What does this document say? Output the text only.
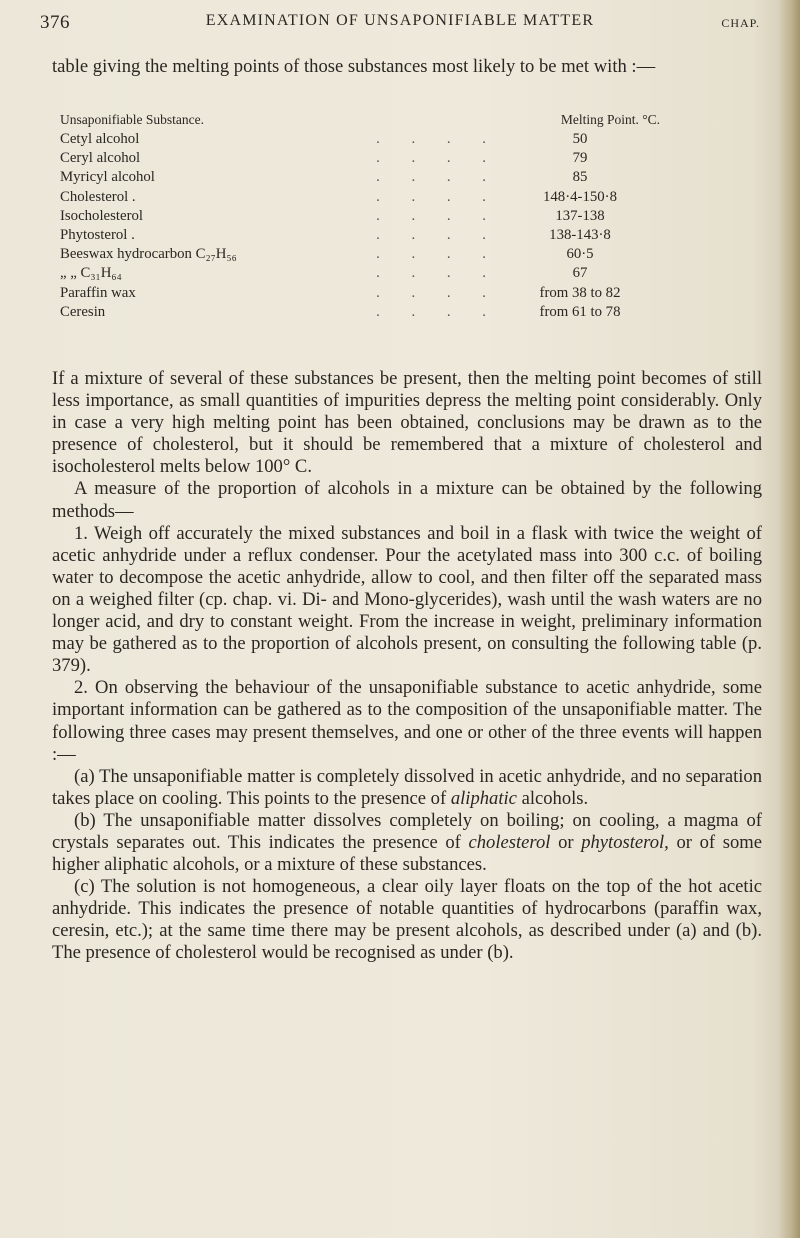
376	EXAMINATION OF UNSAPONIFIABLE MATTER	CHAP.

table giving the melting points of those substances most likely to be met with :—

Unsaponifiable Substance.	Melting Point. °C.
Cetyl alcohol	. . . .	50
Ceryl alcohol	. . . .	79
Myricyl alcohol	. . . .	85
Cholesterol .	. . . .	148·4-150·8
Isocholesterol	. . . .	137-138
Phytosterol .	. . . .	138-143·8
Beeswax hydrocarbon C₂₇H₅₆	. . . .	60·5
„ „ C₃₁H₆₄	. . . .	67
Paraffin wax	. . . .	from 38 to 82
Ceresin	. . . .	from 61 to 78

If a mixture of several of these substances be present, then the melting point becomes of still less importance, as small quantities of impurities depress the melting point considerably. Only in case a very high melting point has been obtained, conclusions may be drawn as to the presence of cholesterol, but it should be remembered that a mixture of cholesterol and isocholesterol melts below 100° C.

A measure of the proportion of alcohols in a mixture can be obtained by the following methods—

1. Weigh off accurately the mixed substances and boil in a flask with twice the weight of acetic anhydride under a reflux condenser. Pour the acetylated mass into 300 c.c. of boiling water to decompose the acetic anhydride, allow to cool, and then filter off the separated mass on a weighed filter (cp. chap. vi. Di- and Mono-glycerides), wash until the wash waters are no longer acid, and dry to constant weight. From the increase in weight, preliminary information may be gathered as to the proportion of alcohols present, on consulting the following table (p. 379).

2. On observing the behaviour of the unsaponifiable substance to acetic anhydride, some important information can be gathered as to the composition of the unsaponifiable matter. The following three cases may present themselves, and one or other of the three events will happen :—

(a) The unsaponifiable matter is completely dissolved in acetic anhydride, and no separation takes place on cooling. This points to the presence of aliphatic alcohols.

(b) The unsaponifiable matter dissolves completely on boiling; on cooling, a magma of crystals separates out. This indicates the presence of cholesterol or phytosterol, or of some higher aliphatic alcohols, or a mixture of these substances.

(c) The solution is not homogeneous, a clear oily layer floats on the top of the hot acetic anhydride. This indicates the presence of notable quantities of hydrocarbons (paraffin wax, ceresin, etc.); at the same time there may be present alcohols, as described under (a) and (b). The presence of cholesterol would be recognised as under (b).
